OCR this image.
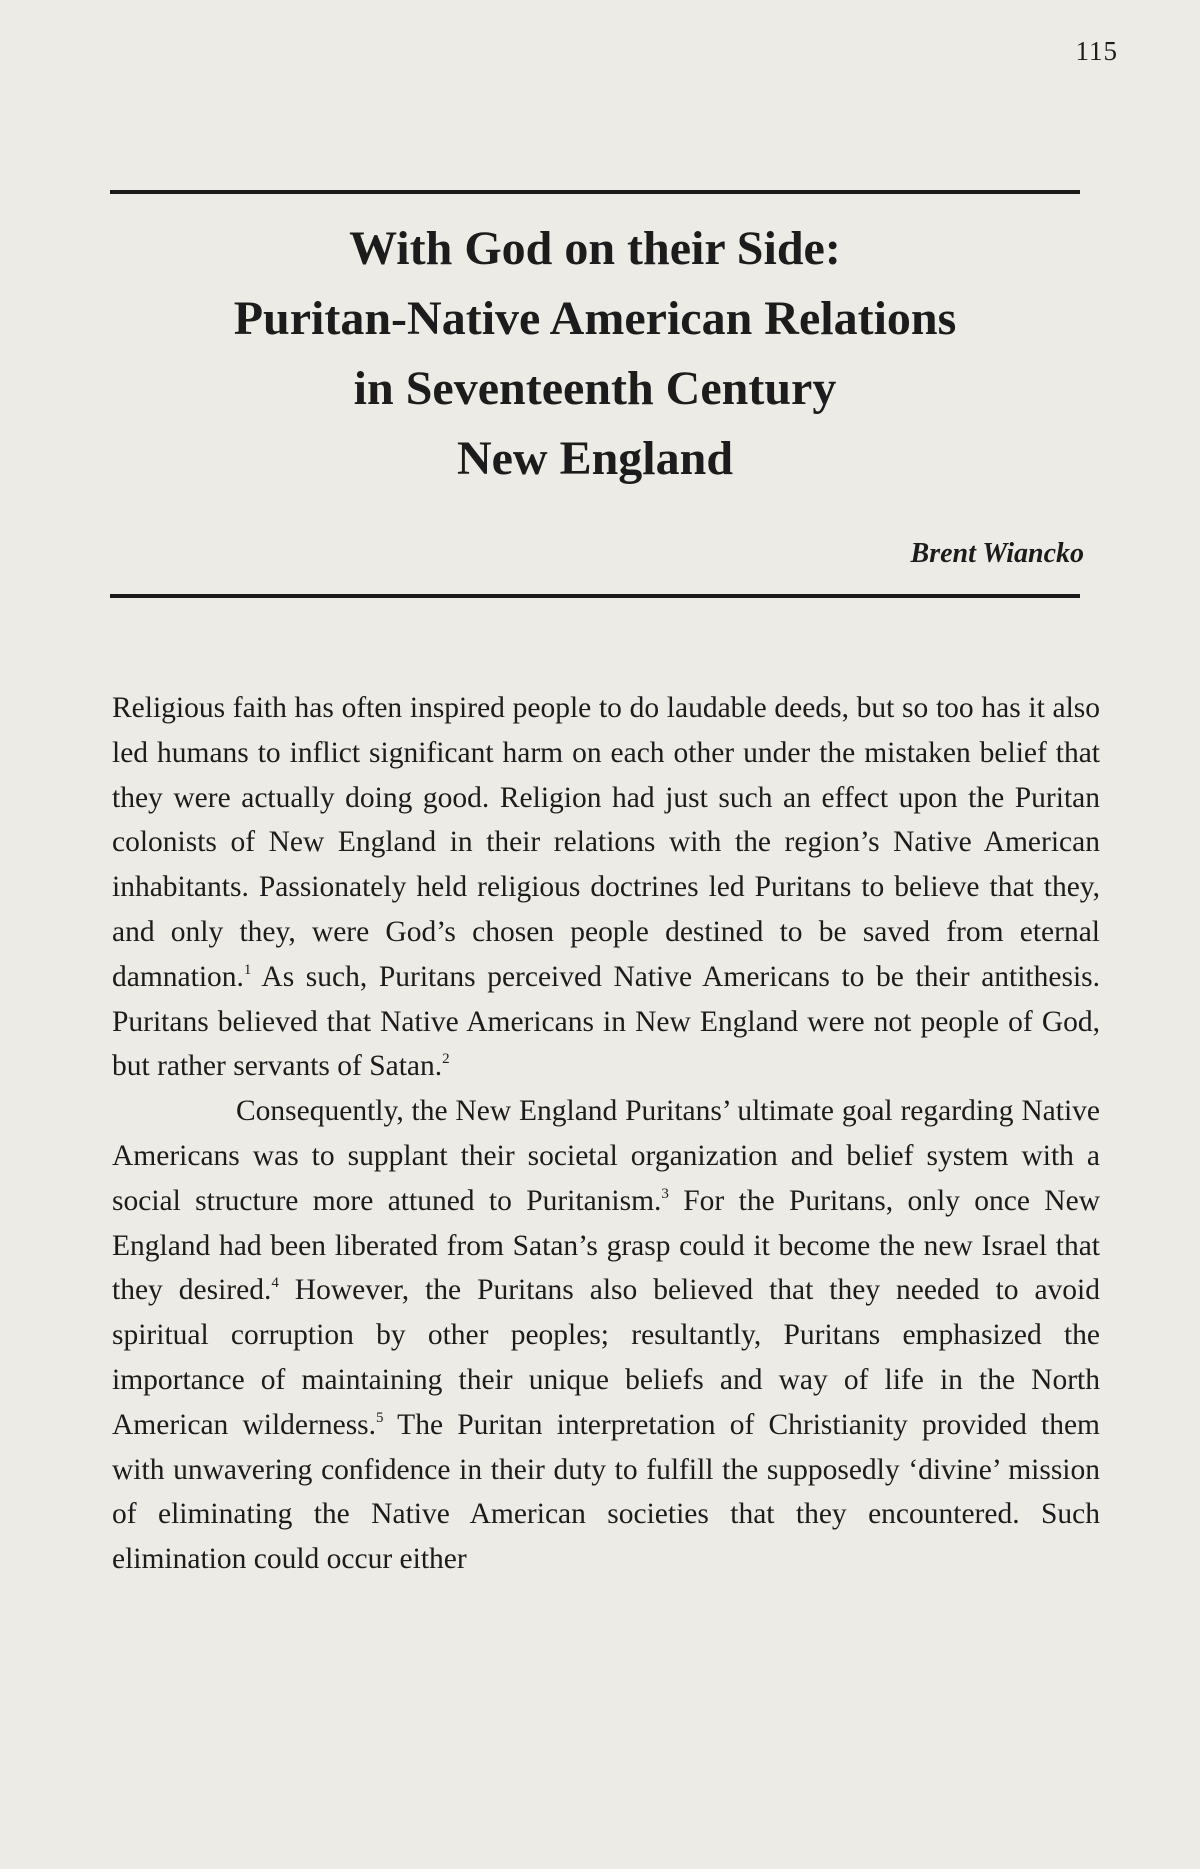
115
With God on their Side:
Puritan-Native American Relations
in Seventeenth Century
New England
Brent Wiancko

Religious faith has often inspired people to do laudable deeds, but so too has it also led humans to inflict significant harm on each other under the mistaken belief that they were actually doing good. Religion had just such an effect upon the Puritan colonists of New England in their relations with the region’s Native American inhabitants. Passionately held religious doctrines led Puritans to believe that they, and only they, were God’s chosen people destined to be saved from eternal damnation.$^1$ As such, Puritans perceived Native Americans to be their antithesis. Puritans believed that Native Americans in New England were not people of God, but rather servants of Satan.$^2$

Consequently, the New England Puritans’ ultimate goal regarding Native Americans was to supplant their societal organization and belief system with a social structure more attuned to Puritanism.$^3$ For the Puritans, only once New England had been liberated from Satan’s grasp could it become the new Israel that they desired.$^4$ However, the Puritans also believed that they needed to avoid spiritual corruption by other peoples; resultantly, Puritans emphasized the importance of maintaining their unique beliefs and way of life in the North American wilderness.$^5$ The Puritan interpretation of Christianity provided them with unwavering confidence in their duty to fulfill the supposedly ‘divine’ mission of eliminating the Native American societies that they encountered. Such elimination could occur either
